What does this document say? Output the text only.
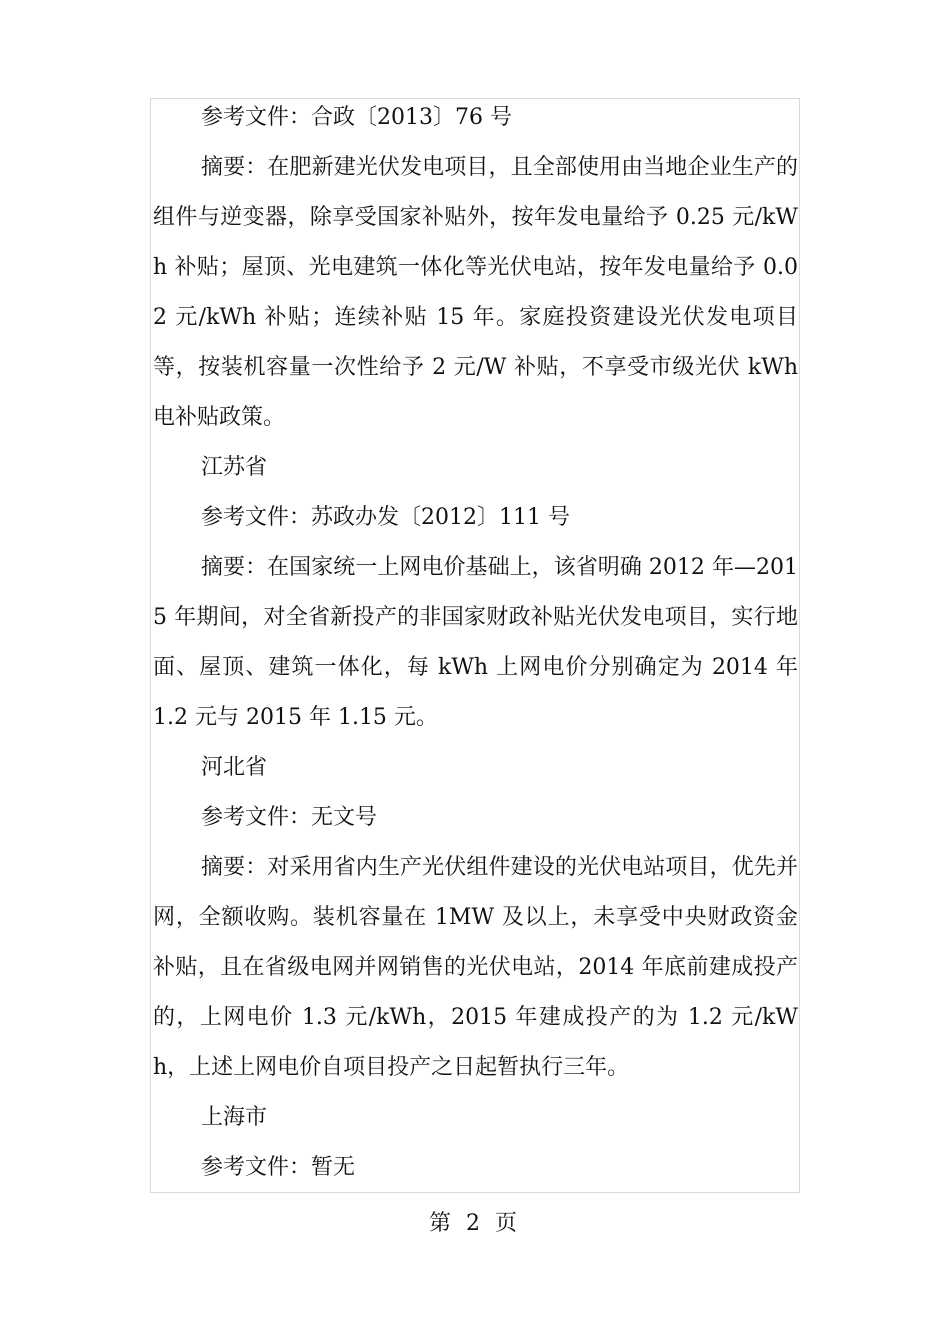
参考文件：合政〔2013〕76 号

摘要：在肥新建光伏发电项目，且全部使用由当地企业生产的组件与逆变器，除享受国家补贴外，按年发电量给予 0.25 元/kWh 补贴；屋顶、光电建筑一体化等光伏电站，按年发电量给予 0.02 元/kWh 补贴；连续补贴 15 年。家庭投资建设光伏发电项目等，按装机容量一次性给予 2 元/W 补贴，不享受市级光伏 kWh 电补贴政策。

江苏省

参考文件：苏政办发〔2012〕111 号

摘要：在国家统一上网电价基础上，该省明确 2012 年—2015 年期间，对全省新投产的非国家财政补贴光伏发电项目，实行地面、屋顶、建筑一体化，每 kWh 上网电价分别确定为 2014 年 1.2 元与 2015 年 1.15 元。

河北省

参考文件：无文号

摘要：对采用省内生产光伏组件建设的光伏电站项目，优先并网，全额收购。装机容量在 1MW 及以上，未享受中央财政资金补贴，且在省级电网并网销售的光伏电站，2014 年底前建成投产的，上网电价 1.3 元/kWh，2015 年建成投产的为 1.2 元/kWh，上述上网电价自项目投产之日起暂执行三年。

上海市

参考文件：暂无

第 2 页
